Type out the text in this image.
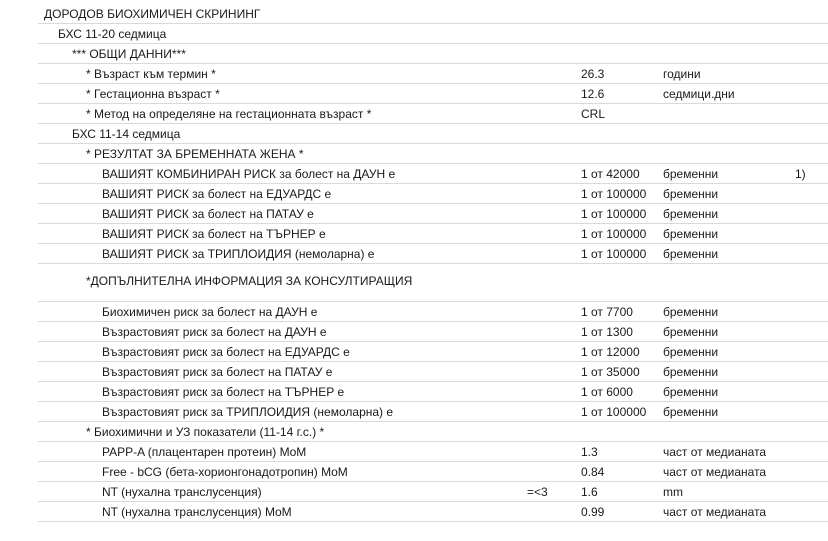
ДОРОДОВ БИОХИМИЧЕН СКРИНИНГ
БХС 11-20 седмица
*** ОБЩИ ДАННИ***
* Възраст към термин *	26.3	години
* Гестационна възраст *	12.6	седмици.дни
* Метод на определяне на гестационната възраст *	CRL
БХС 11-14 седмица
* РЕЗУЛТАТ ЗА БРЕМЕННАТА ЖЕНА *
ВАШИЯТ КОМБИНИРАН РИСК за болест на ДАУН е	1 от 42000 бременни	1)
ВАШИЯТ РИСК за болест на ЕДУАРДС е	1 от 100000 бременни
ВАШИЯТ РИСК за болест на ПАТАУ е	1 от 100000 бременни
ВАШИЯТ РИСК за болест на ТЪРНЕР е	1 от 100000 бременни
ВАШИЯТ РИСК за ТРИПЛОИДИЯ (немоларна) е	1 от 100000 бременни
*ДОПЪЛНИТЕЛНА ИНФОРМАЦИЯ ЗА КОНСУЛТИРАЩИЯ
Биохимичен риск за болест на ДАУН е	1 от 7700	бременни
Възрастовият риск за болест на ДАУН е	1 от 1300	бременни
Възрастовият риск за болест на ЕДУАРДС е	1 от 12000 бременни
Възрастовият риск за болест на ПАТАУ е	1 от 35000 бременни
Възрастовият риск за болест на ТЪРНЕР е	1 от 6000	бременни
Възрастовият риск за ТРИПЛОИДИЯ (немоларна) е	1 от 100000 бременни
* Биохимични и УЗ показатели (11-14 г.с.) *
PAPP-A (плацентарен протеин) MoM	1.3	част от медианата
Free - bCG (бета-хорионгонадотропин) MoM	0.84	част от медианата
NT (нухална транслусенция)	=<3	1.6	mm
NT (нухална транслусенция) MoM	0.99	част от медианата
